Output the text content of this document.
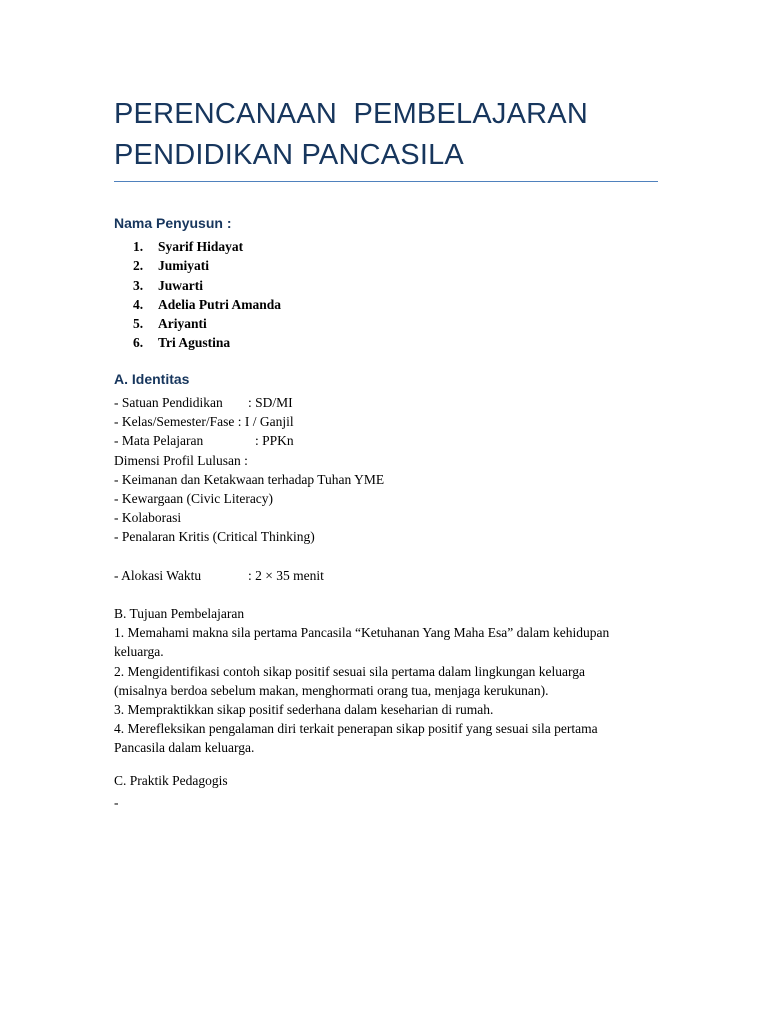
PERENCANAAN  PEMBELAJARAN
PENDIDIKAN PANCASILA
Nama Penyusun :
1. Syarif Hidayat
2. Jumiyati
3. Juwarti
4. Adelia Putri Amanda
5. Ariyanti
6. Tri Agustina
A. Identitas
- Satuan Pendidikan : SD/MI
- Kelas/Semester/Fase : I / Ganjil
- Mata Pelajaran	: PPKn
Dimensi Profil Lulusan :
- Keimanan dan Ketakwaan terhadap Tuhan YME
- Kewargaan (Civic Literacy)
- Kolaborasi
- Penalaran Kritis (Critical Thinking)
- Alokasi Waktu	: 2 × 35 menit
B. Tujuan Pembelajaran
1. Memahami makna sila pertama Pancasila “Ketuhanan Yang Maha Esa” dalam kehidupan
keluarga.
2. Mengidentifikasi contoh sikap positif sesuai sila pertama dalam lingkungan keluarga
(misalnya berdoa sebelum makan, menghormati orang tua, menjaga kerukunan).
3. Mempraktikkan sikap positif sederhana dalam keseharian di rumah.
4. Merefleksikan pengalaman diri terkait penerapan sikap positif yang sesuai sila pertama
Pancasila dalam keluarga.
C. Praktik Pedagogis
-
